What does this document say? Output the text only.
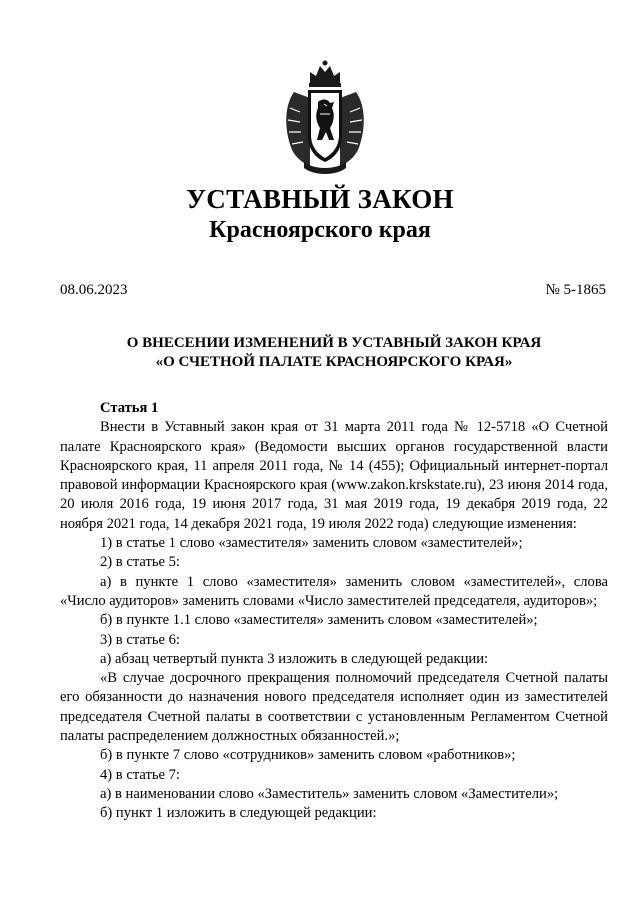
УСТАВНЫЙ ЗАКОН
Красноярского края
08.06.2023	№ 5-1865
О ВНЕСЕНИИ ИЗМЕНЕНИЙ В УСТАВНЫЙ ЗАКОН КРАЯ
«О СЧЕТНОЙ ПАЛАТЕ КРАСНОЯРСКОГО КРАЯ»

Статья 1

Внести в Уставный закон края от 31 марта 2011 года № 12-5718 «О Счетной палате Красноярского края» (Ведомости высших органов государственной власти Красноярского края, 11 апреля 2011 года, № 14 (455); Официальный интернет-портал правовой информации Красноярского края (www.zakon.krskstate.ru), 23 июня 2014 года, 20 июля 2016 года, 19 июня 2017 года, 31 мая 2019 года, 19 декабря 2019 года, 22 ноября 2021 года, 14 декабря 2021 года, 19 июля 2022 года) следующие изменения:

1) в статье 1 слово «заместителя» заменить словом «заместителей»;

2) в статье 5:

а) в пункте 1 слово «заместителя» заменить словом «заместителей», слова «Число аудиторов» заменить словами «Число заместителей председателя, аудиторов»;

б) в пункте 1.1 слово «заместителя» заменить словом «заместителей»;

3) в статье 6:

а) абзац четвертый пункта 3 изложить в следующей редакции:

«В случае досрочного прекращения полномочий председателя Счетной палаты его обязанности до назначения нового председателя исполняет один из заместителей председателя Счетной палаты в соответствии с установленным Регламентом Счетной палаты распределением должностных обязанностей.»;

б) в пункте 7 слово «сотрудников» заменить словом «работников»;

4) в статье 7:

а) в наименовании слово «Заместитель» заменить словом «Заместители»;

б) пункт 1 изложить в следующей редакции:
